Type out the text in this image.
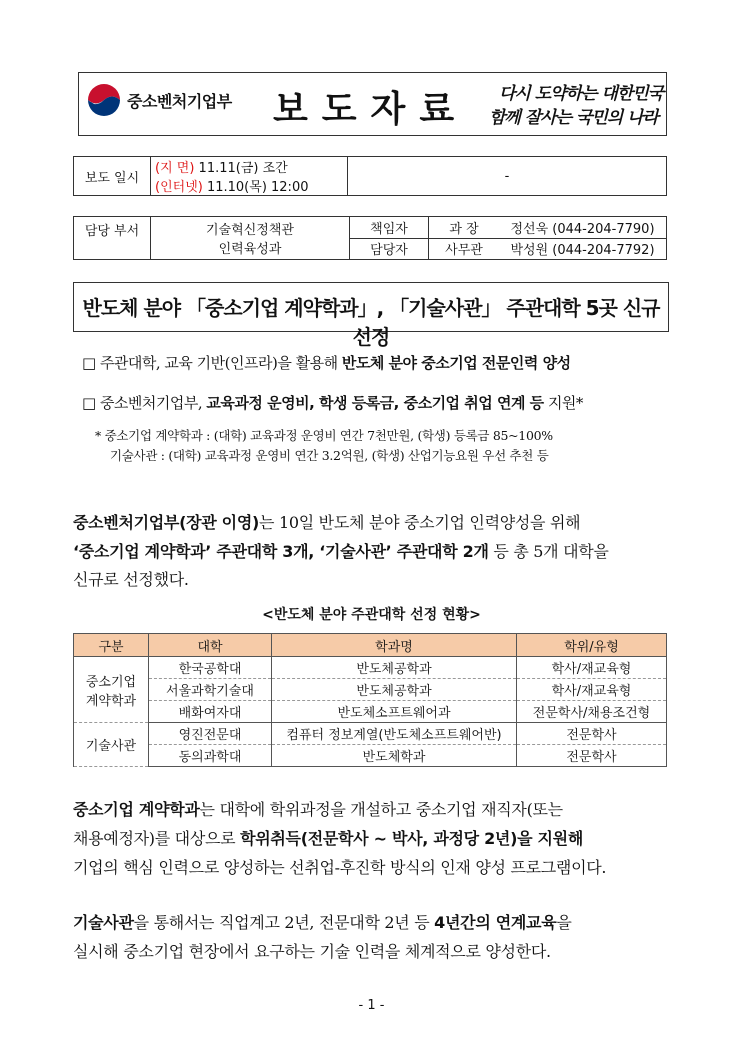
중소벤처기업부 보도자료 다시 도약하는 대한민국
함께 잘사는 국민의 나라
보도 일시	(지 면) 11.11(금) 조간	-
(인터넷) 11.10(목) 12:00
담당 부서	기술혁신정책관
인력육성과	책임자	과 장	정선욱 (044-204-7790)
		담당자	사무관	박성원 (044-204-7792)
반도체 분야 「중소기업 계약학과」, 「기술사관」 주관대학 5곳 신규 선정
□ 주관대학, 교육 기반(인프라)을 활용해 반도체 분야 중소기업 전문인력 양성
□ 중소벤처기업부, 교육과정 운영비, 학생 등록금, 중소기업 취업 연계 등 지원*
* 중소기업 계약학과 : (대학) 교육과정 운영비 연간 7천만원, (학생) 등록금 85~100%
기술사관 : (대학) 교육과정 운영비 연간 3.2억원, (학생) 산업기능요원 우선 추천 등
중소벤처기업부(장관 이영)는 10일 반도체 분야 중소기업 인력양성을 위해
‘중소기업 계약학과’ 주관대학 3개, ‘기술사관’ 주관대학 2개 등 총 5개 대학을
신규로 선정했다.
<반도체 분야 주관대학 선정 현황>
구분	대학	학과명	학위/유형

중소기업
계약학과	한국공학대	반도체공학과	학사/재교육형
	서울과학기술대	반도체공학과	학사/재교육형
	배화여자대	반도체소프트웨어과	전문학사/채용조건형
기술사관	영진전문대	컴퓨터 정보계열(반도체소프트웨어반)	전문학사
	동의과학대	반도체학과	전문학사
중소기업 계약학과는 대학에 학위과정을 개설하고 중소기업 재직자(또는
채용예정자)를 대상으로 학위취득(전문학사 ~ 박사, 과정당 2년)을 지원해
기업의 핵심 인력으로 양성하는 선취업-후진학 방식의 인재 양성 프로그램이다.
기술사관을 통해서는 직업계고 2년, 전문대학 2년 등 4년간의 연계교육을
실시해 중소기업 현장에서 요구하는 기술 인력을 체계적으로 양성한다.
- 1 -
